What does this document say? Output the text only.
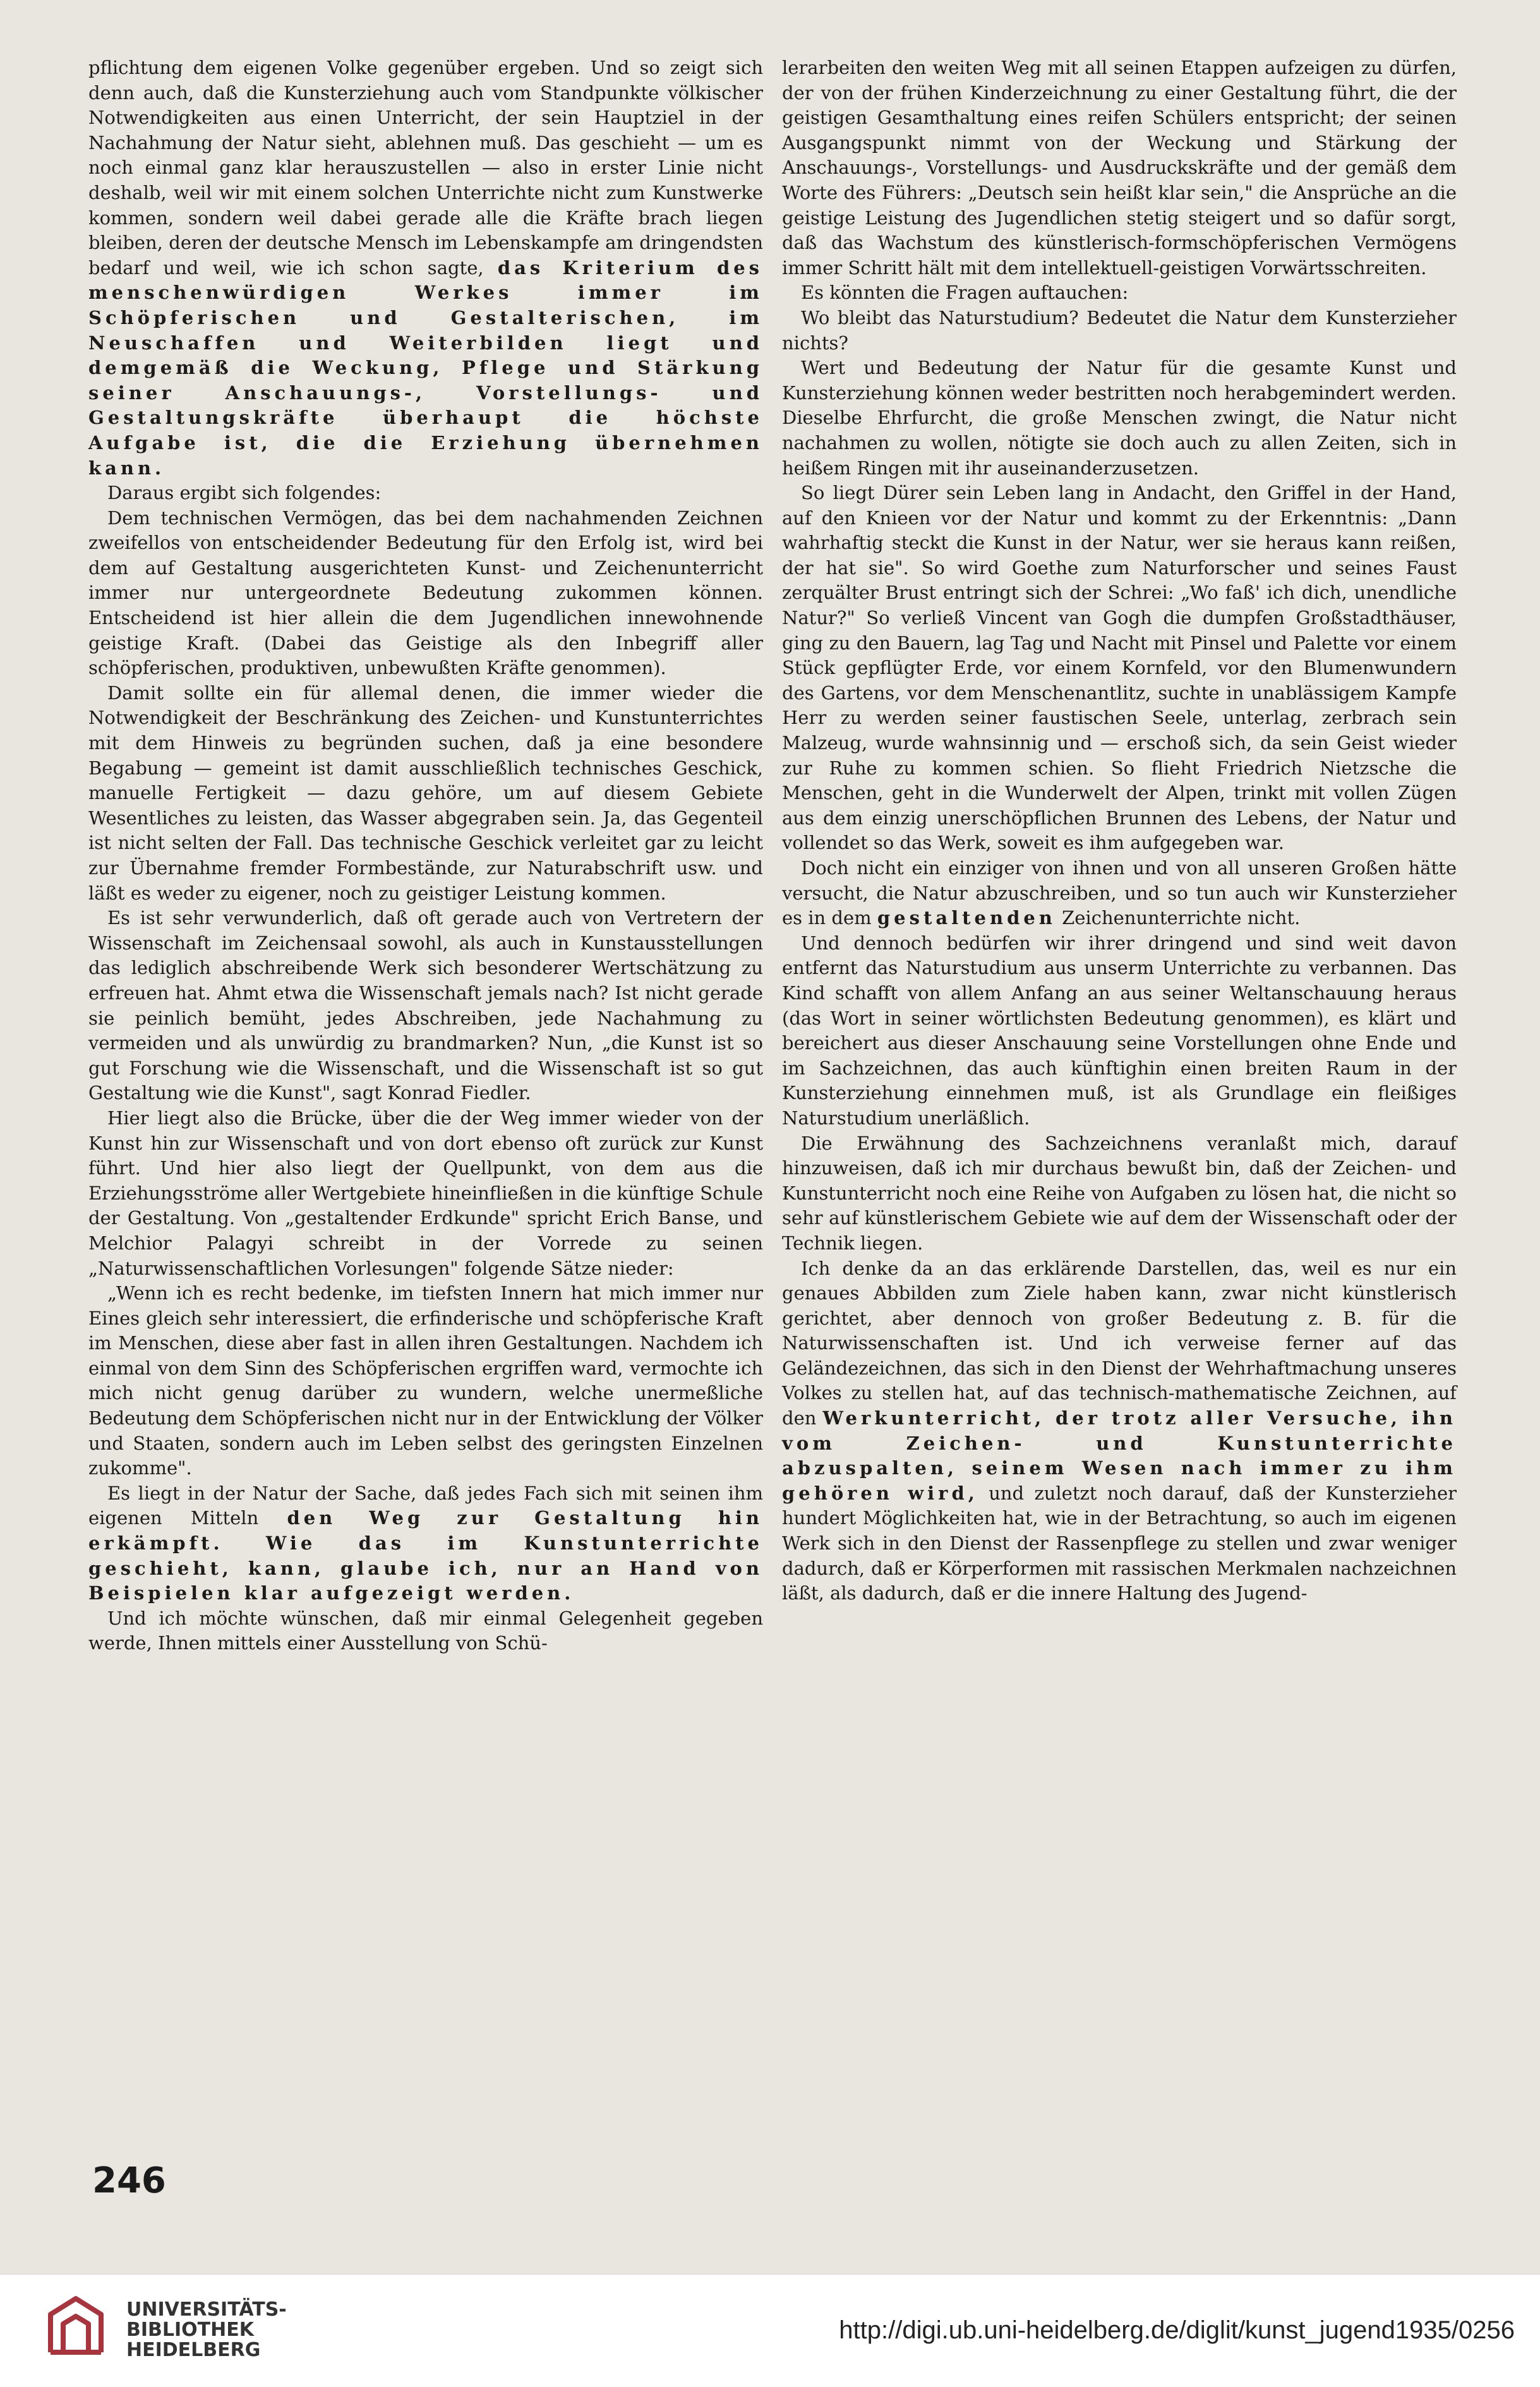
pflichtung dem eigenen Volke gegenüber ergeben. Und so zeigt sich denn auch, daß die Kunsterziehung auch vom Standpunkte völkischer Notwendigkeiten aus einen Unterricht, der sein Hauptziel in der Nachahmung der Natur sieht, ablehnen muß. Das geschieht — um es noch einmal ganz klar herauszustellen — also in erster Linie nicht deshalb, weil wir mit einem solchen Unterrichte nicht zum Kunstwerke kommen, sondern weil dabei gerade alle die Kräfte brach liegen bleiben, deren der deutsche Mensch im Lebenskampfe am dringendsten bedarf und weil, wie ich schon sagte, das Kriterium des menschenwürdigen Werkes immer im Schöpferischen und Gestalterischen, im Neuschaffen und Weiterbilden liegt und demgemäß die Weckung, Pflege und Stärkung seiner Anschauungs-, Vorstellungs- und Gestaltungskräfte überhaupt die höchste Aufgabe ist, die die Erziehung übernehmen kann.

Daraus ergibt sich folgendes:

Dem technischen Vermögen, das bei dem nachahmenden Zeichnen zweifellos von entscheidender Bedeutung für den Erfolg ist, wird bei dem auf Gestaltung ausgerichteten Kunst- und Zeichenunterricht immer nur untergeordnete Bedeutung zukommen können. Entscheidend ist hier allein die dem Jugendlichen innewohnende geistige Kraft. (Dabei das Geistige als den Inbegriff aller schöpferischen, produktiven, unbewußten Kräfte genommen).

Damit sollte ein für allemal denen, die immer wieder die Notwendigkeit der Beschränkung des Zeichen- und Kunstunterrichtes mit dem Hinweis zu begründen suchen, daß ja eine besondere Begabung — gemeint ist damit ausschließlich technisches Geschick, manuelle Fertigkeit — dazu gehöre, um auf diesem Gebiete Wesentliches zu leisten, das Wasser abgegraben sein. Ja, das Gegenteil ist nicht selten der Fall. Das technische Geschick verleitet gar zu leicht zur Übernahme fremder Formbestände, zur Naturabschrift usw. und läßt es weder zu eigener, noch zu geistiger Leistung kommen.

Es ist sehr verwunderlich, daß oft gerade auch von Vertretern der Wissenschaft im Zeichensaal sowohl, als auch in Kunstausstellungen das lediglich abschreibende Werk sich besonderer Wertschätzung zu erfreuen hat. Ahmt etwa die Wissenschaft jemals nach? Ist nicht gerade sie peinlich bemüht, jedes Abschreiben, jede Nachahmung zu vermeiden und als unwürdig zu brandmarken? Nun, „die Kunst ist so gut Forschung wie die Wissenschaft, und die Wissenschaft ist so gut Gestaltung wie die Kunst", sagt Konrad Fiedler.

Hier liegt also die Brücke, über die der Weg immer wieder von der Kunst hin zur Wissenschaft und von dort ebenso oft zurück zur Kunst führt. Und hier also liegt der Quellpunkt, von dem aus die Erziehungsströme aller Wertgebiete hineinfließen in die künftige Schule der Gestaltung. Von „gestaltender Erdkunde" spricht Erich Banse, und Melchior Palagyi schreibt in der Vorrede zu seinen „Naturwissenschaftlichen Vorlesungen" folgende Sätze nieder:

„Wenn ich es recht bedenke, im tiefsten Innern hat mich immer nur Eines gleich sehr interessiert, die erfinderische und schöpferische Kraft im Menschen, diese aber fast in allen ihren Gestaltungen. Nachdem ich einmal von dem Sinn des Schöpferischen ergriffen ward, vermochte ich mich nicht genug darüber zu wundern, welche unermeßliche Bedeutung dem Schöpferischen nicht nur in der Entwicklung der Völker und Staaten, sondern auch im Leben selbst des geringsten Einzelnen zukomme".

Es liegt in der Natur der Sache, daß jedes Fach sich mit seinen ihm eigenen Mitteln den Weg zur Gestaltung hin erkämpft. Wie das im Kunstunterrichte geschieht, kann, glaube ich, nur an Hand von Beispielen klar aufgezeigt werden.

Und ich möchte wünschen, daß mir einmal Gelegenheit gegeben werde, Ihnen mittels einer Ausstellung von Schü-

lerarbeiten den weiten Weg mit all seinen Etappen aufzeigen zu dürfen, der von der frühen Kinderzeichnung zu einer Gestaltung führt, die der geistigen Gesamthaltung eines reifen Schülers entspricht; der seinen Ausgangspunkt nimmt von der Weckung und Stärkung der Anschauungs-, Vorstellungs- und Ausdruckskräfte und der gemäß dem Worte des Führers: „Deutsch sein heißt klar sein," die Ansprüche an die geistige Leistung des Jugendlichen stetig steigert und so dafür sorgt, daß das Wachstum des künstlerisch-formschöpferischen Vermögens immer Schritt hält mit dem intellektuell-geistigen Vorwärtsschreiten.

Es könnten die Fragen auftauchen:

Wo bleibt das Naturstudium? Bedeutet die Natur dem Kunsterzieher nichts?

Wert und Bedeutung der Natur für die gesamte Kunst und Kunsterziehung können weder bestritten noch herabgemindert werden. Dieselbe Ehrfurcht, die große Menschen zwingt, die Natur nicht nachahmen zu wollen, nötigte sie doch auch zu allen Zeiten, sich in heißem Ringen mit ihr auseinanderzusetzen.

So liegt Dürer sein Leben lang in Andacht, den Griffel in der Hand, auf den Knieen vor der Natur und kommt zu der Erkenntnis: „Dann wahrhaftig steckt die Kunst in der Natur, wer sie heraus kann reißen, der hat sie". So wird Goethe zum Naturforscher und seines Faust zerquälter Brust entringt sich der Schrei: „Wo faß' ich dich, unendliche Natur?" So verließ Vincent van Gogh die dumpfen Großstadthäuser, ging zu den Bauern, lag Tag und Nacht mit Pinsel und Palette vor einem Stück gepflügter Erde, vor einem Kornfeld, vor den Blumenwundern des Gartens, vor dem Menschenantlitz, suchte in unablässigem Kampfe Herr zu werden seiner faustischen Seele, unterlag, zerbrach sein Malzeug, wurde wahnsinnig und — erschoß sich, da sein Geist wieder zur Ruhe zu kommen schien. So flieht Friedrich Nietzsche die Menschen, geht in die Wunderwelt der Alpen, trinkt mit vollen Zügen aus dem einzig unerschöpflichen Brunnen des Lebens, der Natur und vollendet so das Werk, soweit es ihm aufgegeben war.

Doch nicht ein einziger von ihnen und von all unseren Großen hätte versucht, die Natur abzuschreiben, und so tun auch wir Kunsterzieher es in dem gestaltenden Zeichenunterrichte nicht.

Und dennoch bedürfen wir ihrer dringend und sind weit davon entfernt das Naturstudium aus unserm Unterrichte zu verbannen. Das Kind schafft von allem Anfang an aus seiner Weltanschauung heraus (das Wort in seiner wörtlichsten Bedeutung genommen), es klärt und bereichert aus dieser Anschauung seine Vorstellungen ohne Ende und im Sachzeichnen, das auch künftighin einen breiten Raum in der Kunsterziehung einnehmen muß, ist als Grundlage ein fleißiges Naturstudium unerläßlich.

Die Erwähnung des Sachzeichnens veranlaßt mich, darauf hinzuweisen, daß ich mir durchaus bewußt bin, daß der Zeichen- und Kunstunterricht noch eine Reihe von Aufgaben zu lösen hat, die nicht so sehr auf künstlerischem Gebiete wie auf dem der Wissenschaft oder der Technik liegen.

Ich denke da an das erklärende Darstellen, das, weil es nur ein genaues Abbilden zum Ziele haben kann, zwar nicht künstlerisch gerichtet, aber dennoch von großer Bedeutung z. B. für die Naturwissenschaften ist. Und ich verweise ferner auf das Geländezeichnen, das sich in den Dienst der Wehrhaftmachung unseres Volkes zu stellen hat, auf das technisch-mathematische Zeichnen, auf den Werkunterricht, der trotz aller Versuche, ihn vom Zeichen- und Kunstunterrichte abzuspalten, seinem Wesen nach immer zu ihm gehören wird, und zuletzt noch darauf, daß der Kunsterzieher hundert Möglichkeiten hat, wie in der Betrachtung, so auch im eigenen Werk sich in den Dienst der Rassenpflege zu stellen und zwar weniger dadurch, daß er Körperformen mit rassischen Merkmalen nachzeichnen läßt, als dadurch, daß er die innere Haltung des Jugend-

246
UNIVERSITÄTS-
BIBLIOTHEK
HEIDELBERG
http://digi.ub.uni-heidelberg.de/diglit/kunst_jugend1935/0256
